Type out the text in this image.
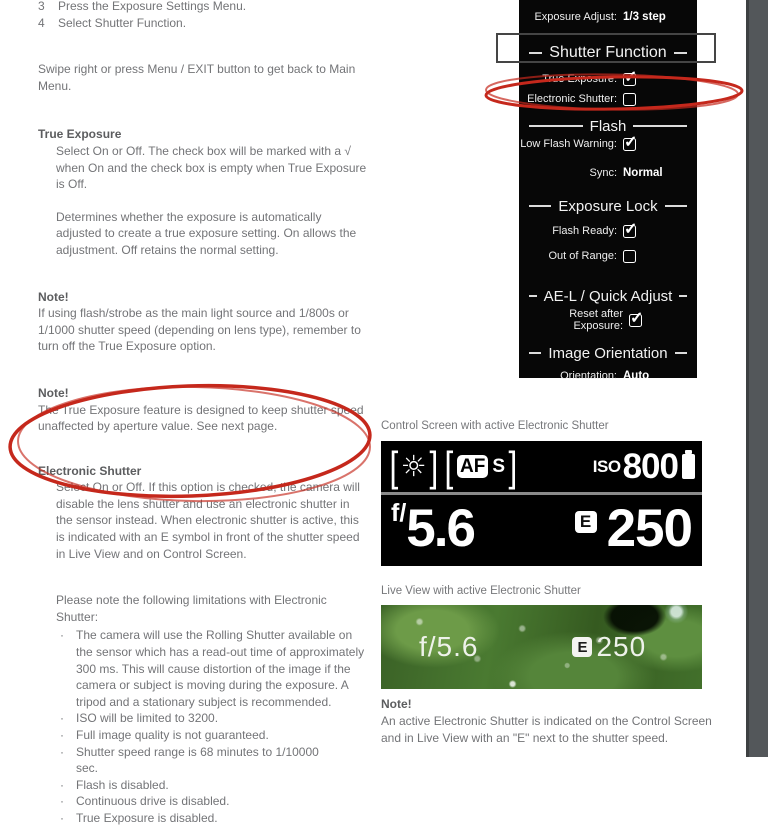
3	Press the Exposure Settings Menu.
4	Select Shutter Function.
Swipe right or press Menu / EXIT button to get back to Main Menu.
True Exposure
Select On or Off. The check box will be marked with a √ when On and the check box is empty when True Exposure is Off.
Determines whether the exposure is automatically adjusted to create a true exposure setting. On allows the adjustment. Off retains the normal setting.
Note!
If using flash/strobe as the main light source and 1/800s or 1/1000 shutter speed (depending on lens type), remember to turn off the True Exposure option.
Note!
The True Exposure feature is designed to keep shutter speed unaffected by aperture value. See next page.
Electronic Shutter
Select On or Off. If this option is checked, the camera will disable the lens shutter and use an electronic shutter in the sensor instead. When electronic shutter is active, this is indicated with an E symbol in front of the shutter speed in Live View and on Control Screen.
Please note the following limitations with Electronic Shutter:
·	The camera will use the Rolling Shutter available on the sensor which has a read-out time of approximately 300 ms. This will cause distortion of the image if the camera or subject is moving during the exposure. A tripod and a stationary subject is recommended.
·	ISO will be limited to 3200.
·	Full image quality is not guaranteed.
·	Shutter speed range is 68 minutes to 1/10000 sec.
·	Flash is disabled.
·	Continuous drive is disabled.
·	True Exposure is disabled.
Exposure Adjust: 1/3 step
Shutter Function
True Exposure:
✓
Electronic Shutter:
Flash
Low Flash Warning:
✓
Sync: Normal
Exposure Lock
Flash Ready:
✓
Out of Range:
AE-L / Quick Adjust
Reset after Exposure:
✓
Image Orientation
Orientation: Auto
Control Screen with active Electronic Shutter
[ ☼ ] [ AF S ]	ISO 800
f/ 5.6	E 250
Live View with active Electronic Shutter
f/5.6	E 250
Note!
An active Electronic Shutter is indicated on the Control Screen and in Live View with an "E" next to the shutter speed.
